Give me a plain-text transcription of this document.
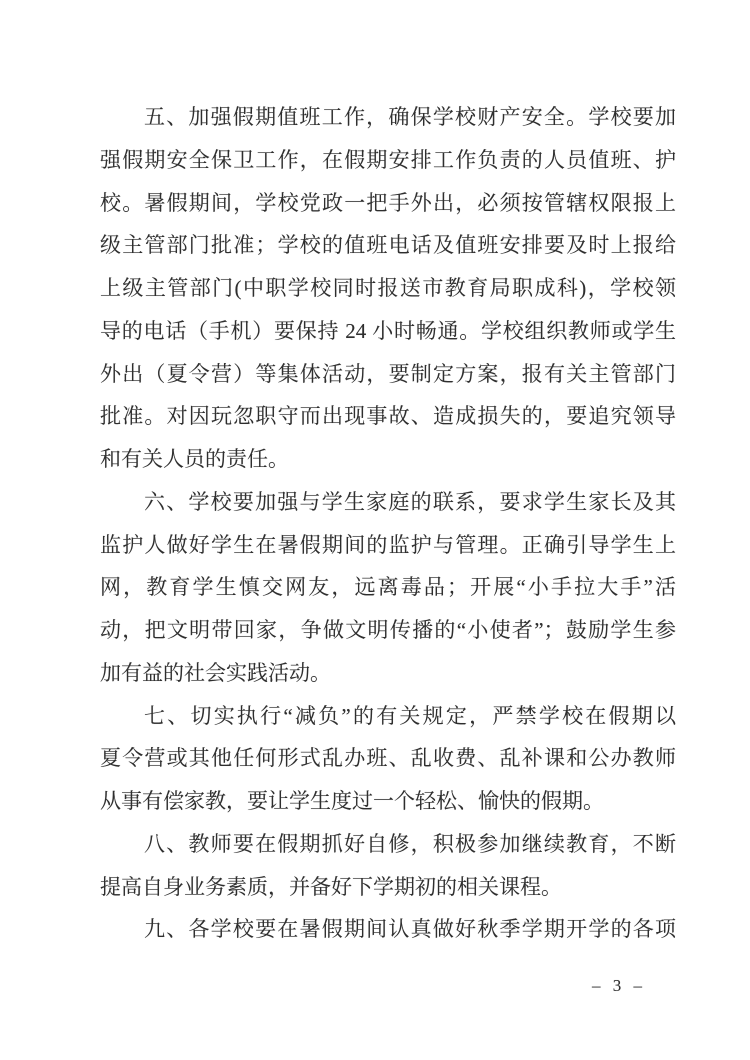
五、加强假期值班工作，确保学校财产安全。学校要加
强假期安全保卫工作，在假期安排工作负责的人员值班、护
校。暑假期间，学校党政一把手外出，必须按管辖权限报上
级主管部门批准；学校的值班电话及值班安排要及时上报给
上级主管部门(中职学校同时报送市教育局职成科)，学校领
导的电话（手机）要保持 24 小时畅通。学校组织教师或学生
外出（夏令营）等集体活动，要制定方案，报有关主管部门
批准。对因玩忽职守而出现事故、造成损失的，要追究领导
和有关人员的责任。
六、学校要加强与学生家庭的联系，要求学生家长及其
监护人做好学生在暑假期间的监护与管理。正确引导学生上
网，教育学生慎交网友，远离毒品；开展“小手拉大手”活
动，把文明带回家，争做文明传播的“小使者”；鼓励学生参
加有益的社会实践活动。
七、切实执行“减负”的有关规定，严禁学校在假期以
夏令营或其他任何形式乱办班、乱收费、乱补课和公办教师
从事有偿家教，要让学生度过一个轻松、愉快的假期。
八、教师要在假期抓好自修，积极参加继续教育，不断
提高自身业务素质，并备好下学期初的相关课程。
九、各学校要在暑假期间认真做好秋季学期开学的各项
– 3 –
